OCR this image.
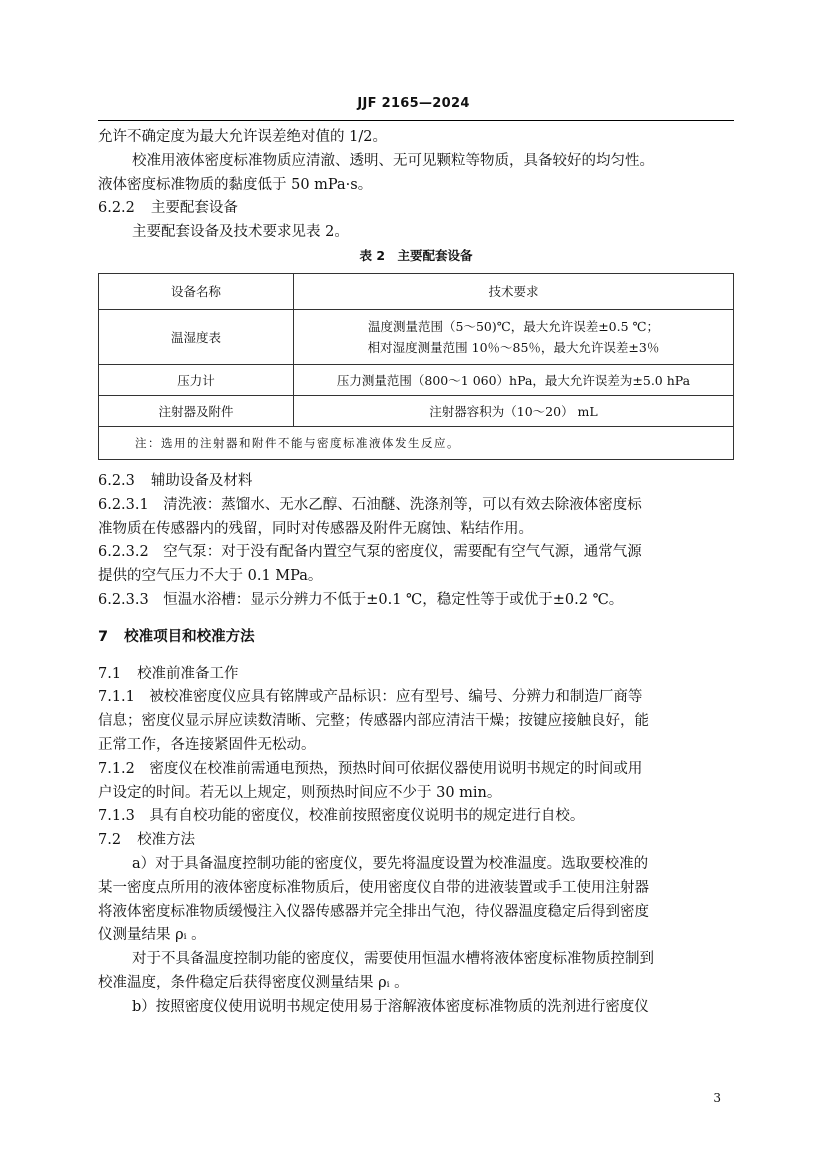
JJF 2165—2024
允许不确定度为最大允许误差绝对值的 1/2。
校准用液体密度标准物质应清澈、透明、无可见颗粒等物质，具备较好的均匀性。
液体密度标准物质的黏度低于 50 mPa·s。
6.2.2 主要配套设备
主要配套设备及技术要求见表 2。
表 2　主要配套设备
设备名称	技术要求
温湿度表	温度测量范围（5～50)℃，最大允许误差±0.5 ℃；
相对湿度测量范围 10％～85％，最大允许误差±3％

压力计	压力测量范围（800～1 060）hPa，最大允许误差为±5.0 hPa
注射器及附件	注射器容积为（10～20） mL
注：选用的注射器和附件不能与密度标准液体发生反应。	
6.2.3 辅助设备及材料
6.2.3.1　清洗液：蒸馏水、无水乙醇、石油醚、洗涤剂等，可以有效去除液体密度标
准物质在传感器内的残留，同时对传感器及附件无腐蚀、粘结作用。
6.2.3.2　空气泵：对于没有配备内置空气泵的密度仪，需要配有空气气源，通常气源
提供的空气压力不大于 0.1 MPa。
6.2.3.3　恒温水浴槽：显示分辨力不低于±0.1 ℃，稳定性等于或优于±0.2 ℃。
7 校准项目和校准方法
7.1 校准前准备工作
7.1.1　被校准密度仪应具有铭牌或产品标识：应有型号、编号、分辨力和制造厂商等
信息；密度仪显示屏应读数清晰、完整；传感器内部应清洁干燥；按键应接触良好，能
正常工作，各连接紧固件无松动。
7.1.2　密度仪在校准前需通电预热，预热时间可依据仪器使用说明书规定的时间或用
户设定的时间。若无以上规定，则预热时间应不少于 30 min。
7.1.3　具有自校功能的密度仪，校准前按照密度仪说明书的规定进行自校。
7.2 校准方法
a）对于具备温度控制功能的密度仪，要先将温度设置为校准温度。选取要校准的
某一密度点所用的液体密度标准物质后，使用密度仪自带的进液装置或手工使用注射器
将液体密度标准物质缓慢注入仪器传感器并完全排出气泡，待仪器温度稳定后得到密度
仪测量结果 ρᵢ 。
对于不具备温度控制功能的密度仪，需要使用恒温水槽将液体密度标准物质控制到
校准温度，条件稳定后获得密度仪测量结果 ρᵢ 。
b）按照密度仪使用说明书规定使用易于溶解液体密度标准物质的洗剂进行密度仪
3
